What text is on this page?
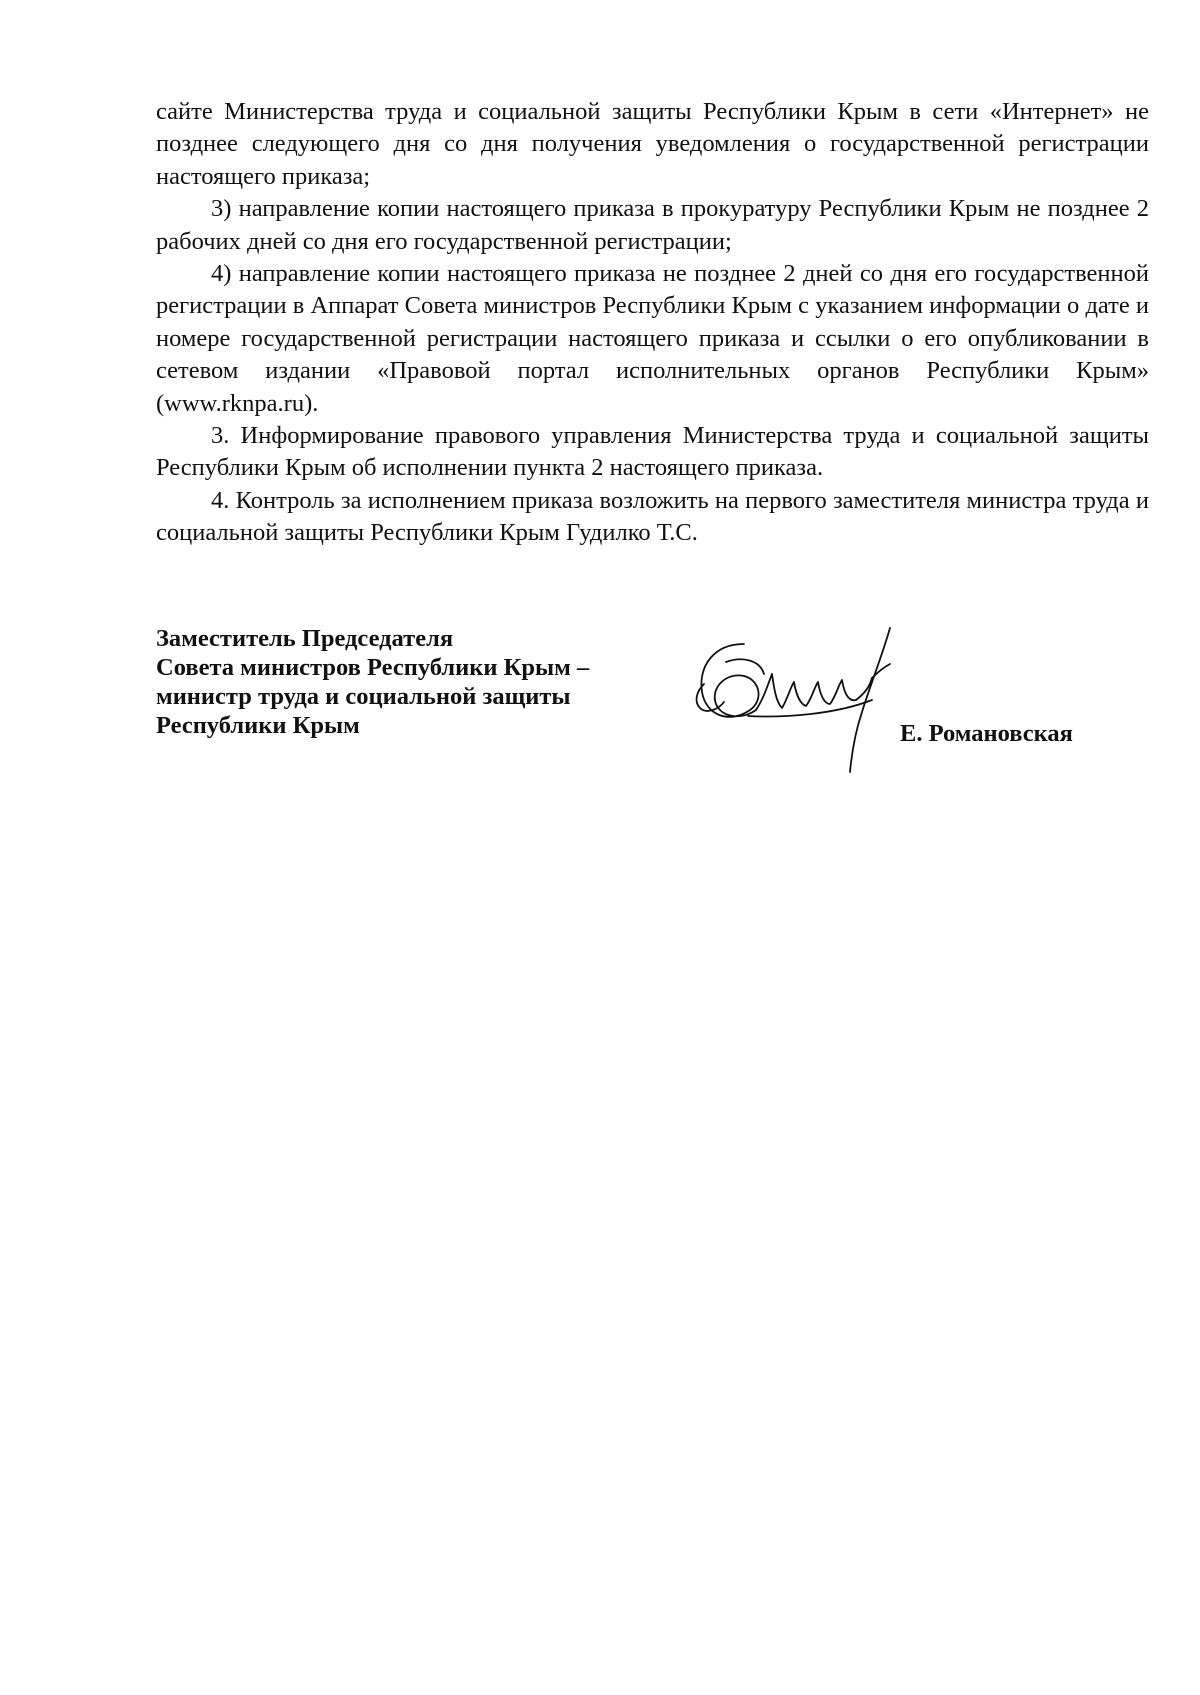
сайте Министерства труда и социальной защиты Республики Крым в сети «Интернет» не позднее следующего дня со дня получения уведомления о государственной регистрации настоящего приказа;

3) направление копии настоящего приказа в прокуратуру Республики Крым не позднее 2 рабочих дней со дня его государственной регистрации;

4) направление копии настоящего приказа не позднее 2 дней со дня его государственной регистрации в Аппарат Совета министров Республики Крым с указанием информации о дате и номере государственной регистрации настоящего приказа и ссылки о его опубликовании в сетевом издании «Правовой портал исполнительных органов Республики Крым» (www.rknpa.ru).

3. Информирование правового управления Министерства труда и социальной защиты Республики Крым об исполнении пункта 2 настоящего приказа.

4. Контроль за исполнением приказа возложить на первого заместителя министра труда и социальной защиты Республики Крым Гудилко Т.С.

Заместитель Председателя
Совета министров Республики Крым –
министр труда и социальной защиты
Республики Крым	Е. Романовская
